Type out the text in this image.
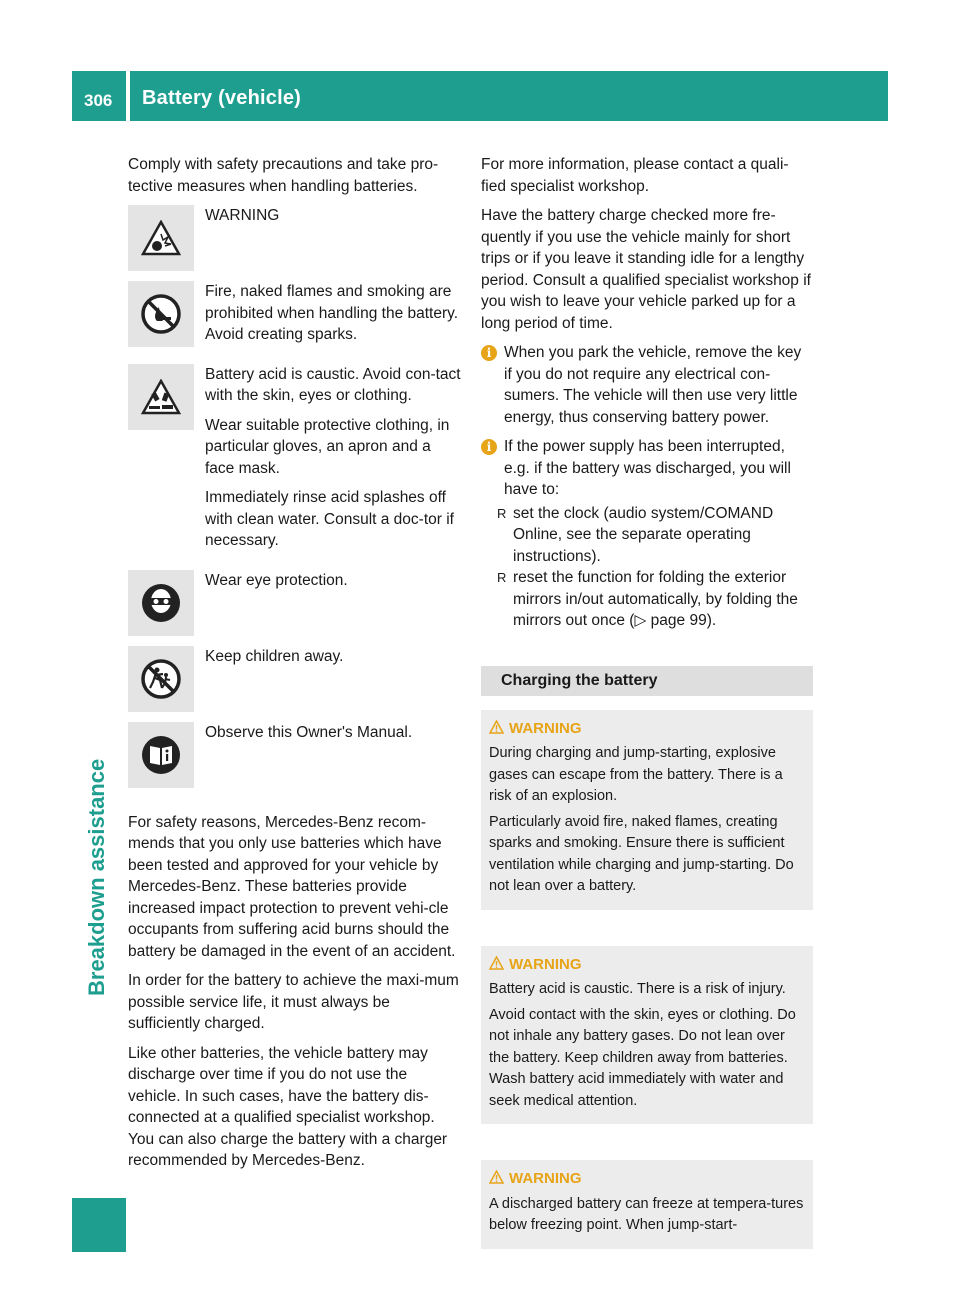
306 Battery (vehicle)
Breakdown assistance

Comply with safety precautions and take pro-tective measures when handling batteries.

WARNING

Fire, naked flames and smoking are prohibited when handling the battery. Avoid creating sparks.

Battery acid is caustic. Avoid con-tact with the skin, eyes or clothing.

Wear suitable protective clothing, in particular gloves, an apron and a face mask.

Immediately rinse acid splashes off with clean water. Consult a doc-tor if necessary.

Wear eye protection.

Keep children away.

Observe this Owner's Manual.

For safety reasons, Mercedes-Benz recom-mends that you only use batteries which have been tested and approved for your vehicle by Mercedes-Benz. These batteries provide increased impact protection to prevent vehi-cle occupants from suffering acid burns should the battery be damaged in the event of an accident.

In order for the battery to achieve the maxi-mum possible service life, it must always be sufficiently charged.

Like other batteries, the vehicle battery may discharge over time if you do not use the vehicle. In such cases, have the battery dis-connected at a qualified specialist workshop. You can also charge the battery with a charger recommended by Mercedes-Benz.

For more information, please contact a quali-fied specialist workshop.

Have the battery charge checked more fre-quently if you use the vehicle mainly for short trips or if you leave it standing idle for a lengthy period. Consult a qualified specialist workshop if you wish to leave your vehicle parked up for a long period of time.

i When you park the vehicle, remove the key if you do not require any electrical con-sumers. The vehicle will then use very little energy, thus conserving battery power.
i If the power supply has been interrupted, e.g. if the battery was discharged, you will have to:
R set the clock (audio system/COMAND Online, see the separate operating instructions).
R reset the function for folding the exterior mirrors in/out automatically, by folding the mirrors out once (▷ page 99).
Charging the battery
WARNING

During charging and jump-starting, explosive gases can escape from the battery. There is a risk of an explosion.

Particularly avoid fire, naked flames, creating sparks and smoking. Ensure there is sufficient ventilation while charging and jump-starting. Do not lean over a battery.

WARNING

Battery acid is caustic. There is a risk of injury.

Avoid contact with the skin, eyes or clothing. Do not inhale any battery gases. Do not lean over the battery. Keep children away from batteries. Wash battery acid immediately with water and seek medical attention.

WARNING

A discharged battery can freeze at tempera-tures below freezing point. When jump-start-
